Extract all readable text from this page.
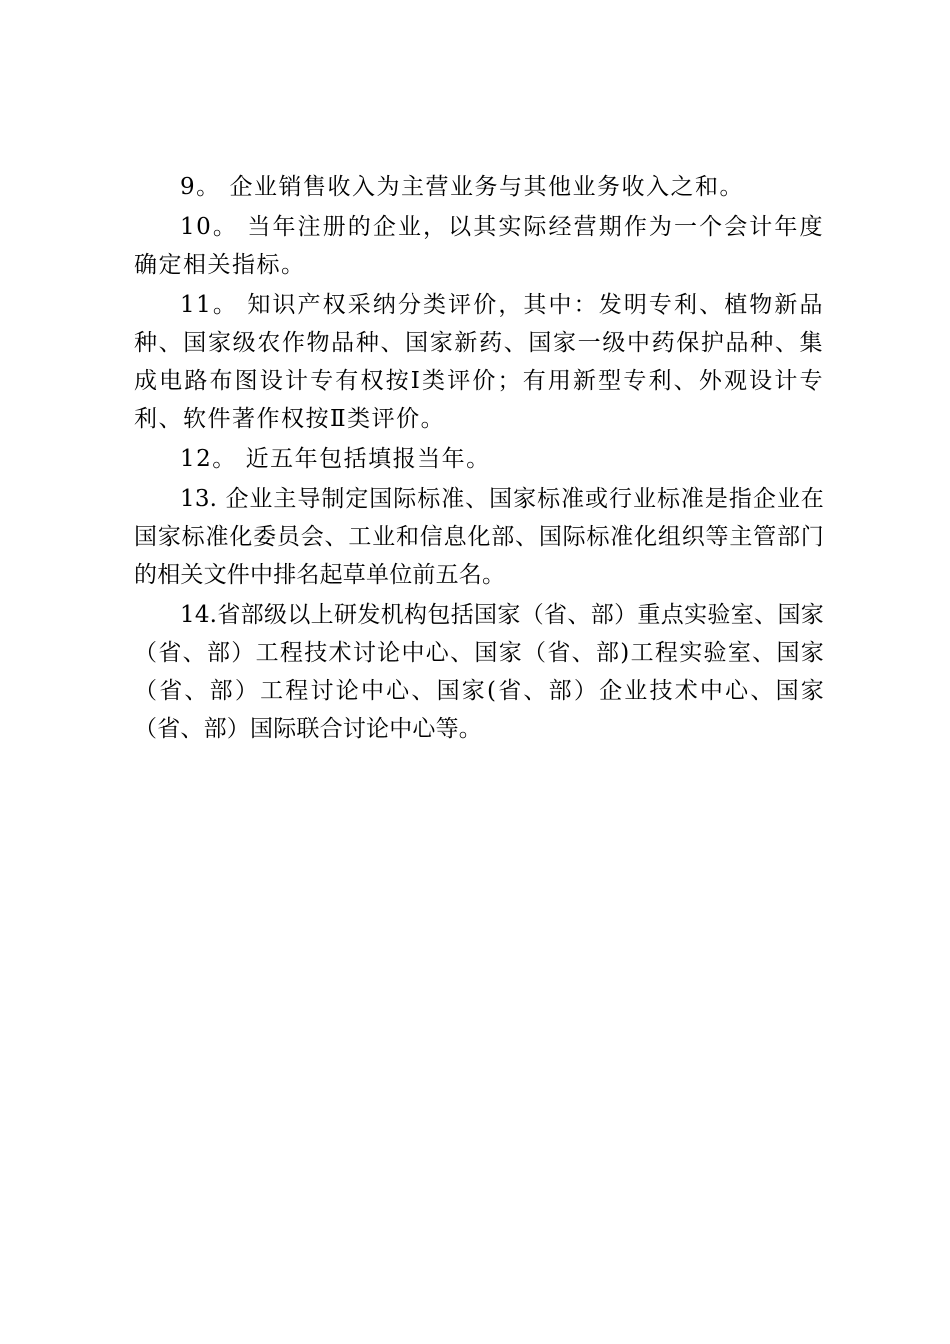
9。 企业销售收入为主营业务与其他业务收入之和。

10。 当年注册的企业，以其实际经营期作为一个会计年度确定相关指标。

11。 知识产权采纳分类评价，其中：发明专利、植物新品种、国家级农作物品种、国家新药、国家一级中药保护品种、集成电路布图设计专有权按Ⅰ类评价；有用新型专利、外观设计专利、软件著作权按Ⅱ类评价。

12。 近五年包括填报当年。

13. 企业主导制定国际标准、国家标准或行业标准是指企业在国家标准化委员会、工业和信息化部、国际标准化组织等主管部门的相关文件中排名起草单位前五名。

14.省部级以上研发机构包括国家（省、部）重点实验室、国家（省、部）工程技术讨论中心、国家（省、部)工程实验室、国家（省、部）工程讨论中心、国家(省、部）企业技术中心、国家（省、部）国际联合讨论中心等。
